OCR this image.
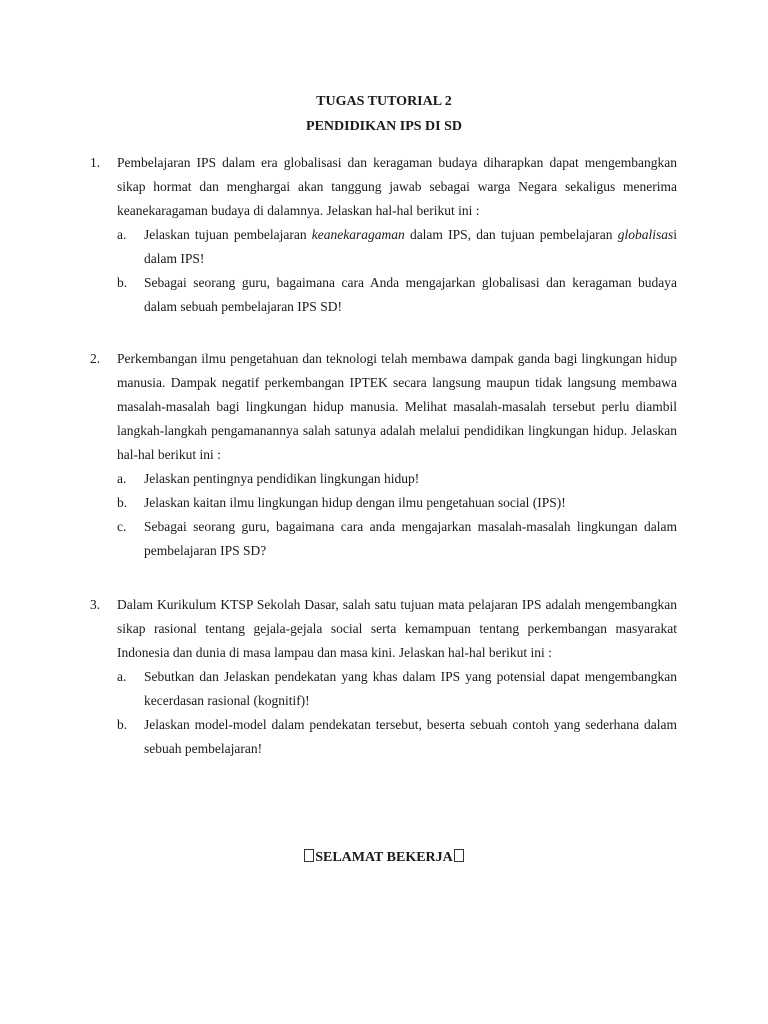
TUGAS TUTORIAL 2
PENDIDIKAN IPS DI SD
1. Pembelajaran IPS dalam era globalisasi dan keragaman budaya diharapkan dapat mengembangkan sikap hormat dan menghargai akan tanggung jawab sebagai warga Negara sekaligus menerima keanekaragaman budaya di dalamnya. Jelaskan hal-hal berikut ini :
a. Jelaskan tujuan pembelajaran keanekaragaman dalam IPS, dan tujuan pembelajaran globalisasi dalam IPS!
b. Sebagai seorang guru, bagaimana cara Anda mengajarkan globalisasi dan keragaman budaya dalam sebuah pembelajaran IPS SD!
2. Perkembangan ilmu pengetahuan dan teknologi telah membawa dampak ganda bagi lingkungan hidup manusia. Dampak negatif perkembangan IPTEK secara langsung maupun tidak langsung membawa masalah-masalah bagi lingkungan hidup manusia. Melihat masalah-masalah tersebut perlu diambil langkah-langkah pengamanannya salah satunya adalah melalui pendidikan lingkungan hidup. Jelaskan hal-hal berikut ini :
a. Jelaskan pentingnya pendidikan lingkungan hidup!
b. Jelaskan kaitan ilmu lingkungan hidup dengan ilmu pengetahuan social (IPS)!
c. Sebagai seorang guru, bagaimana cara anda mengajarkan masalah-masalah lingkungan dalam pembelajaran IPS SD?
3. Dalam Kurikulum KTSP Sekolah Dasar, salah satu tujuan mata pelajaran IPS adalah mengembangkan sikap rasional tentang gejala-gejala social serta kemampuan tentang perkembangan masyarakat Indonesia dan dunia di masa lampau dan masa kini. Jelaskan hal-hal berikut ini :
a. Sebutkan dan Jelaskan pendekatan yang khas dalam IPS yang potensial dapat mengembangkan kecerdasan rasional (kognitif)!
b. Jelaskan model-model dalam pendekatan tersebut, beserta sebuah contoh yang sederhana dalam sebuah pembelajaran!
SELAMAT BEKERJA
